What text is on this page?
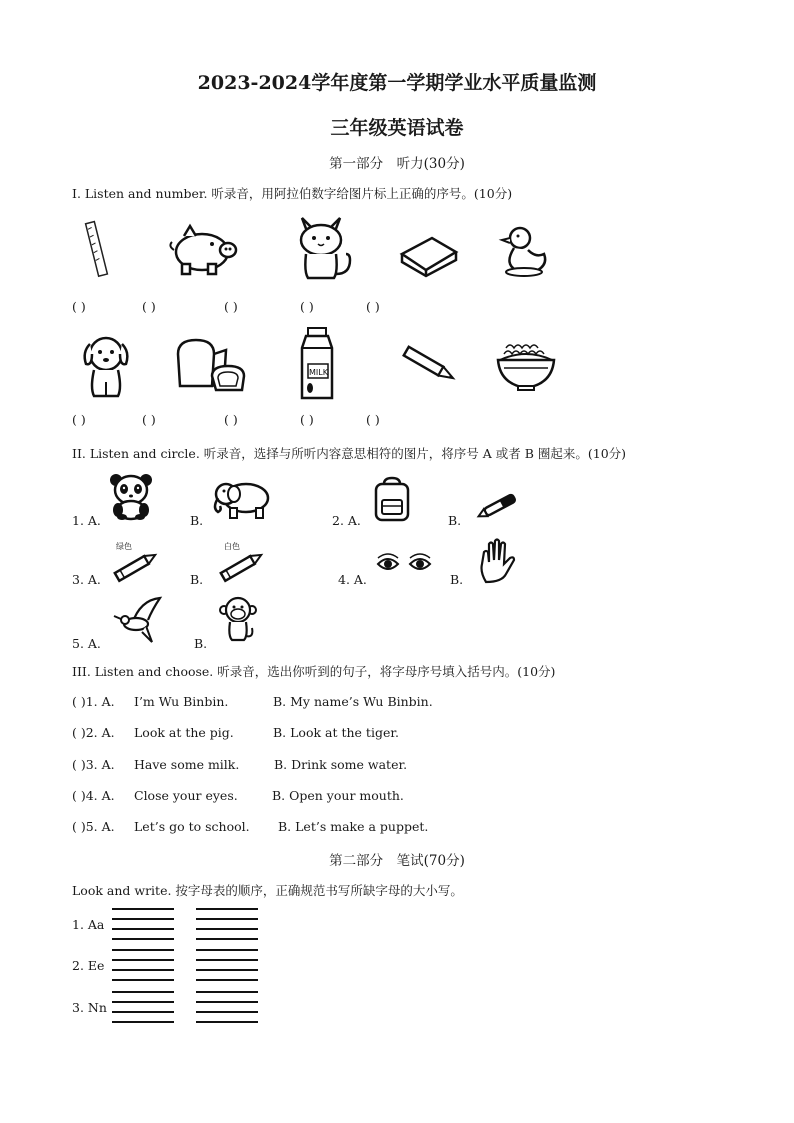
2023-2024学年度第一学期学业水平质量监测
三年级英语试卷
第一部分　听力(30分)
I. Listen and number. 听录音，用阿拉伯数字给图片标上正确的序号。(10分)
( )	( )	( )	( )	( )
MILK
( )	( )	( )	( )	( )
II. Listen and circle. 听录音，选择与所听内容意思相符的图片，将序号 A 或者 B 圈起来。(10分)
1. A.	B.	2. A.	B.
3. A.
绿色
B.
白色
4. A.	B.
5. A.	B.
III. Listen and choose. 听录音，选出你听到的句子，将字母序号填入括号内。(10分)
( )1. A. I’m Wu Binbin.	B. My name’s Wu Binbin.
( )2. A. Look at the pig.	B. Look at the tiger.
( )3. A. Have some milk.	B. Drink some water.
( )4. A. Close your eyes.	B. Open your mouth.
( )5. A. Let’s go to school. B. Let’s make a puppet.
第二部分　笔试(70分)
Look and write. 按字母表的顺序，正确规范书写所缺字母的大小写。
1. Aa
2. Ee
3. Nn
